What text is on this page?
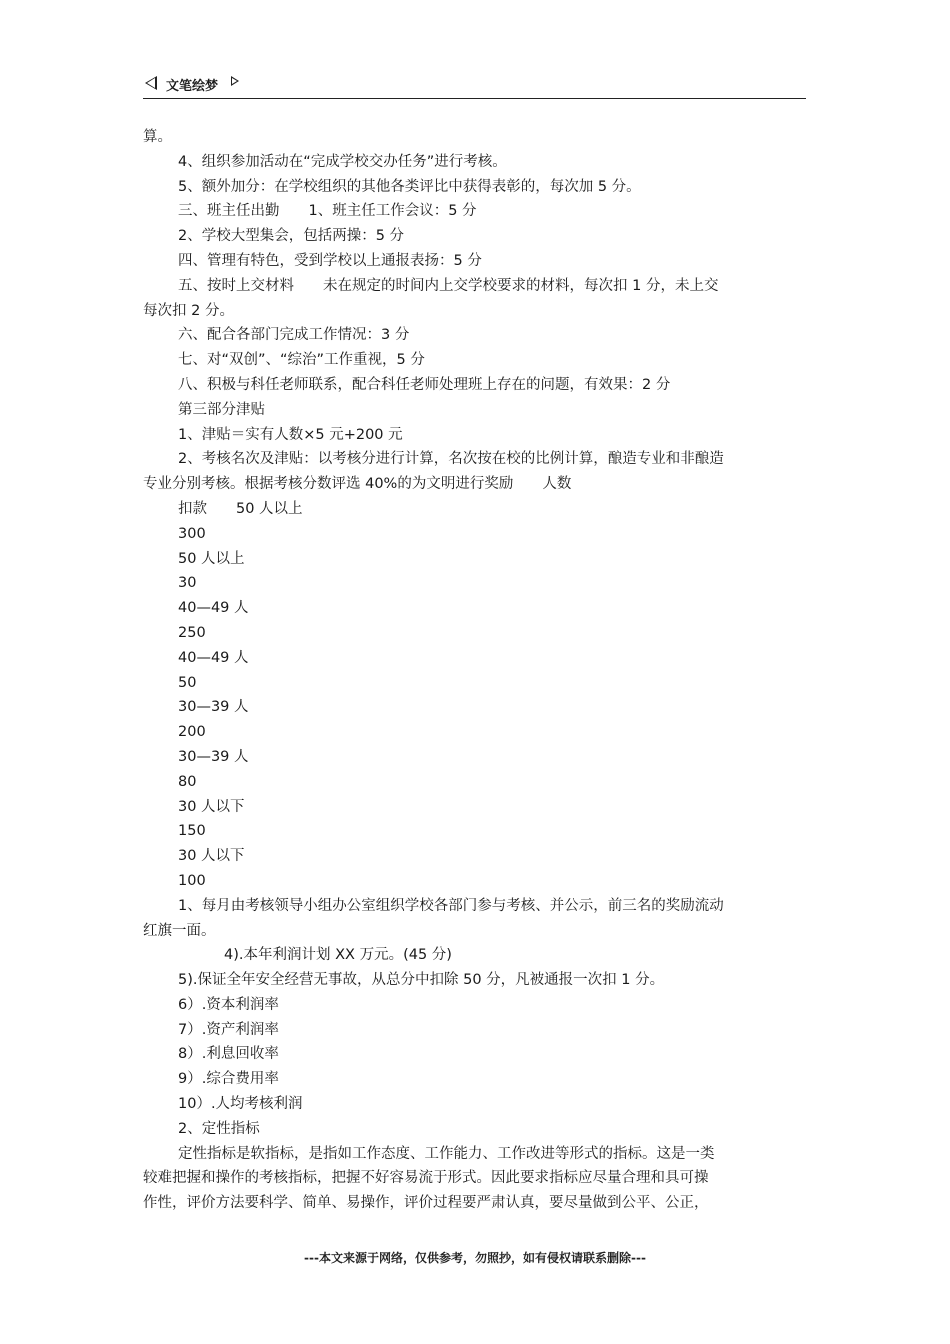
文笔绘梦
算。
4、组织参加活动在“完成学校交办任务”进行考核。
5、额外加分：在学校组织的其他各类评比中获得表彰的，每次加 5 分。
三、班主任出勤　　1、班主任工作会议：5 分
2、学校大型集会，包括两操：5 分
四、管理有特色，受到学校以上通报表扬：5 分
五、按时上交材料　　未在规定的时间内上交学校要求的材料，每次扣 1 分，未上交
每次扣 2 分。
六、配合各部门完成工作情况：3 分
七、对“双创”、“综治”工作重视，5 分
八、积极与科任老师联系，配合科任老师处理班上存在的问题，有效果：2 分
第三部分津贴
1、津贴＝实有人数×5 元+200 元
2、考核名次及津贴：以考核分进行计算，名次按在校的比例计算，酿造专业和非酿造
专业分别考核。根据考核分数评选 40%的为文明进行奖励　　人数
扣款　　50 人以上
300
50 人以上
30
40—49 人
250
40—49 人
50
30—39 人
200
30—39 人
80
30 人以下
150
30 人以下
100
1、每月由考核领导小组办公室组织学校各部门参与考核、并公示，前三名的奖励流动
红旗一面。
4).本年利润计划 XX 万元。(45 分)
5).保证全年安全经营无事故，从总分中扣除 50 分，凡被通报一次扣 1 分。
6）.资本利润率
7）.资产利润率
8）.利息回收率
9）.综合费用率
10）.人均考核利润
2、定性指标
定性指标是软指标，是指如工作态度、工作能力、工作改进等形式的指标。这是一类
较难把握和操作的考核指标，把握不好容易流于形式。因此要求指标应尽量合理和具可操
作性，评价方法要科学、简单、易操作，评价过程要严肃认真，要尽量做到公平、公正，
---本文来源于网络，仅供参考，勿照抄，如有侵权请联系删除---
